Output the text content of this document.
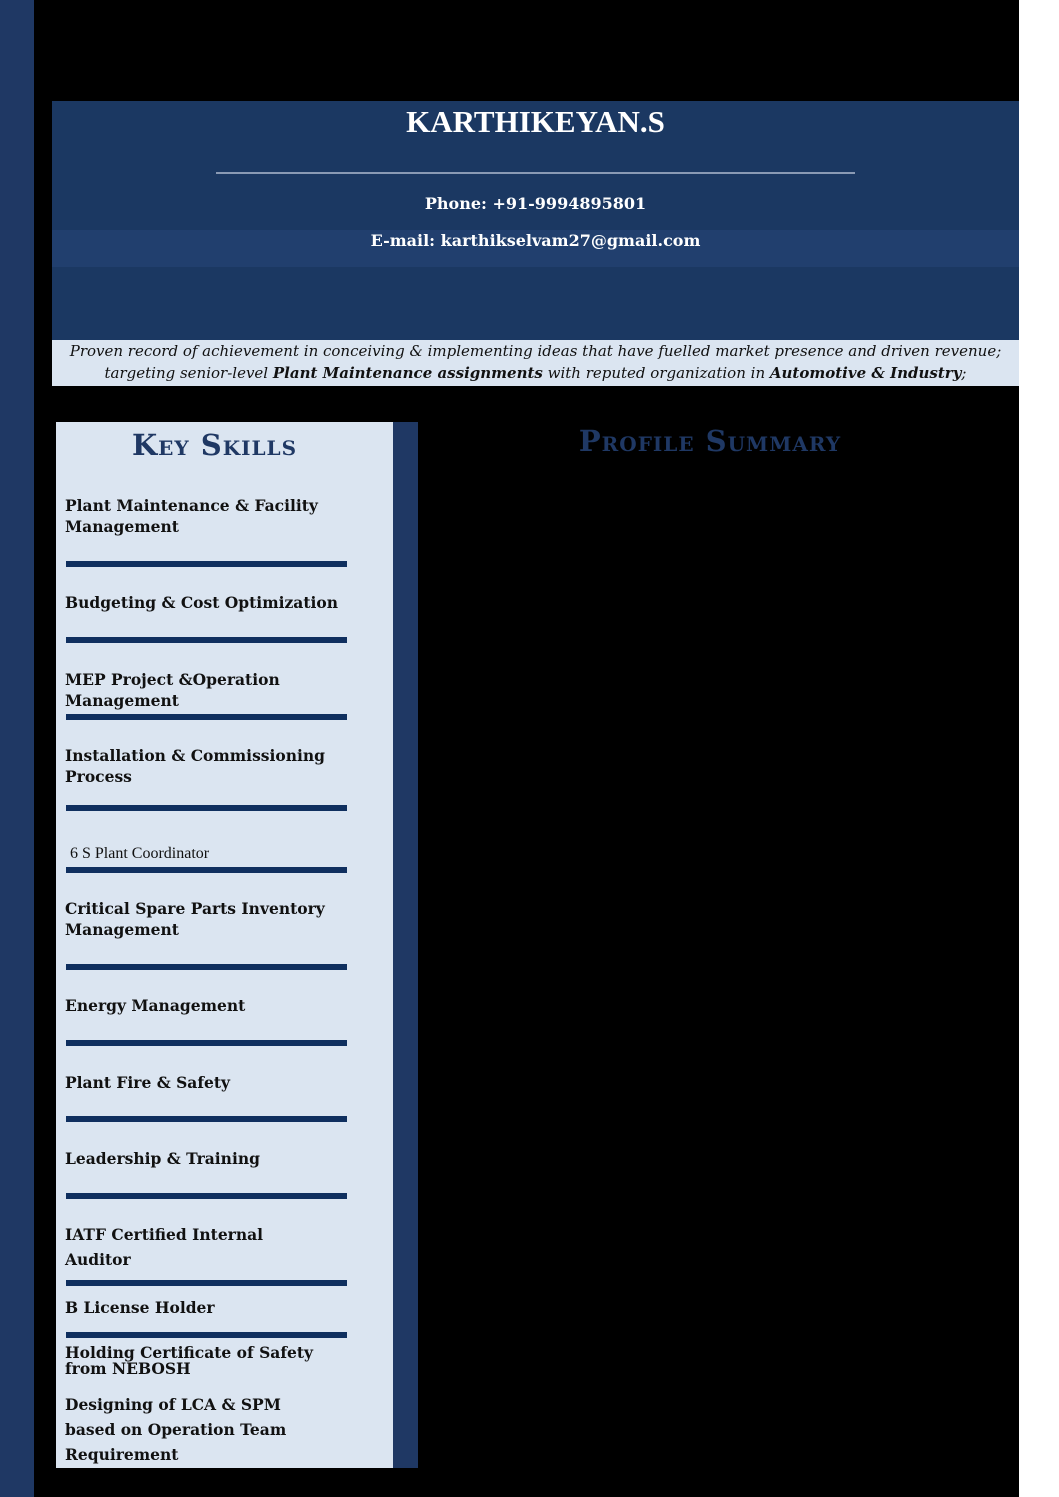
KARTHIKEYAN.S
Phone: +91-9994895801
E-mail: karthikselvam27@gmail.com
Proven record of achievement in conceiving & implementing ideas that have fuelled market presence and driven revenue;
targeting senior-level Plant Maintenance assignments with reputed organization in Automotive & Industry;
Key Skills	Profile Summary
Plant Maintenance & Facility Management
Budgeting & Cost Optimization
MEP Project &Operation Management
Installation & Commissioning Process
6 S Plant Coordinator
Critical Spare Parts Inventory Management
Energy Management
Plant Fire & Safety
Leadership & Training
IATF Certified Internal Auditor
B License Holder
Holding Certificate of Safety from NEBOSH
Designing of LCA & SPM based on Operation Team Requirement
